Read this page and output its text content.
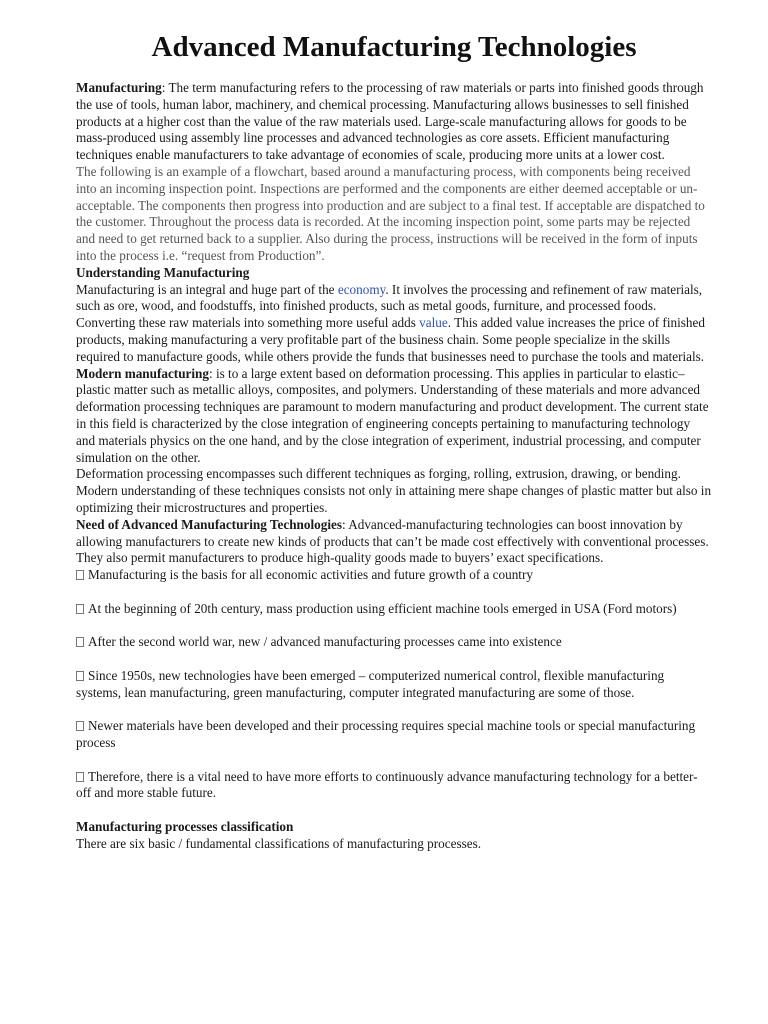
Advanced Manufacturing Technologies

Manufacturing: The term manufacturing refers to the processing of raw materials or parts into finished goods through the use of tools, human labor, machinery, and chemical processing. Manufacturing allows businesses to sell finished products at a higher cost than the value of the raw materials used. Large-scale manufacturing allows for goods to be mass-produced using assembly line processes and advanced technologies as core assets. Efficient manufacturing techniques enable manufacturers to take advantage of economies of scale, producing more units at a lower cost.

The following is an example of a flowchart, based around a manufacturing process, with components being received into an incoming inspection point. Inspections are performed and the components are either deemed acceptable or un-acceptable. The components then progress into production and are subject to a final test. If acceptable are dispatched to the customer. Throughout the process data is recorded. At the incoming inspection point, some parts may be rejected and need to get returned back to a supplier. Also during the process, instructions will be received in the form of inputs into the process i.e. “request from Production”.

Understanding Manufacturing

Manufacturing is an integral and huge part of the economy. It involves the processing and refinement of raw materials, such as ore, wood, and foodstuffs, into finished products, such as metal goods, furniture, and processed foods. Converting these raw materials into something more useful adds value. This added value increases the price of finished products, making manufacturing a very profitable part of the business chain. Some people specialize in the skills required to manufacture goods, while others provide the funds that businesses need to purchase the tools and materials.

Modern manufacturing: is to a large extent based on deformation processing. This applies in particular to elastic–plastic matter such as metallic alloys, composites, and polymers. Understanding of these materials and more advanced deformation processing techniques are paramount to modern manufacturing and product development. The current state in this field is characterized by the close integration of engineering concepts pertaining to manufacturing technology and materials physics on the one hand, and by the close integration of experiment, industrial processing, and computer simulation on the other.

Deformation processing encompasses such different techniques as forging, rolling, extrusion, drawing, or bending. Modern understanding of these techniques consists not only in attaining mere shape changes of plastic matter but also in optimizing their microstructures and properties.

Need of Advanced Manufacturing Technologies: Advanced-manufacturing technologies can boost innovation by allowing manufacturers to create new kinds of products that can’t be made cost effectively with conventional processes. They also permit manufacturers to produce high-quality goods made to buyers’ exact specifications.

Manufacturing is the basis for all economic activities and future growth of a country

At the beginning of 20th century, mass production using efficient machine tools emerged in USA (Ford motors)

After the second world war, new / advanced manufacturing processes came into existence

Since 1950s, new technologies have been emerged – computerized numerical control, flexible manufacturing systems, lean manufacturing, green manufacturing, computer integrated manufacturing are some of those.

Newer materials have been developed and their processing requires special machine tools or special manufacturing process

Therefore, there is a vital need to have more efforts to continuously advance manufacturing technology for a better-off and more stable future.

Manufacturing processes classification

There are six basic / fundamental classifications of manufacturing processes.
